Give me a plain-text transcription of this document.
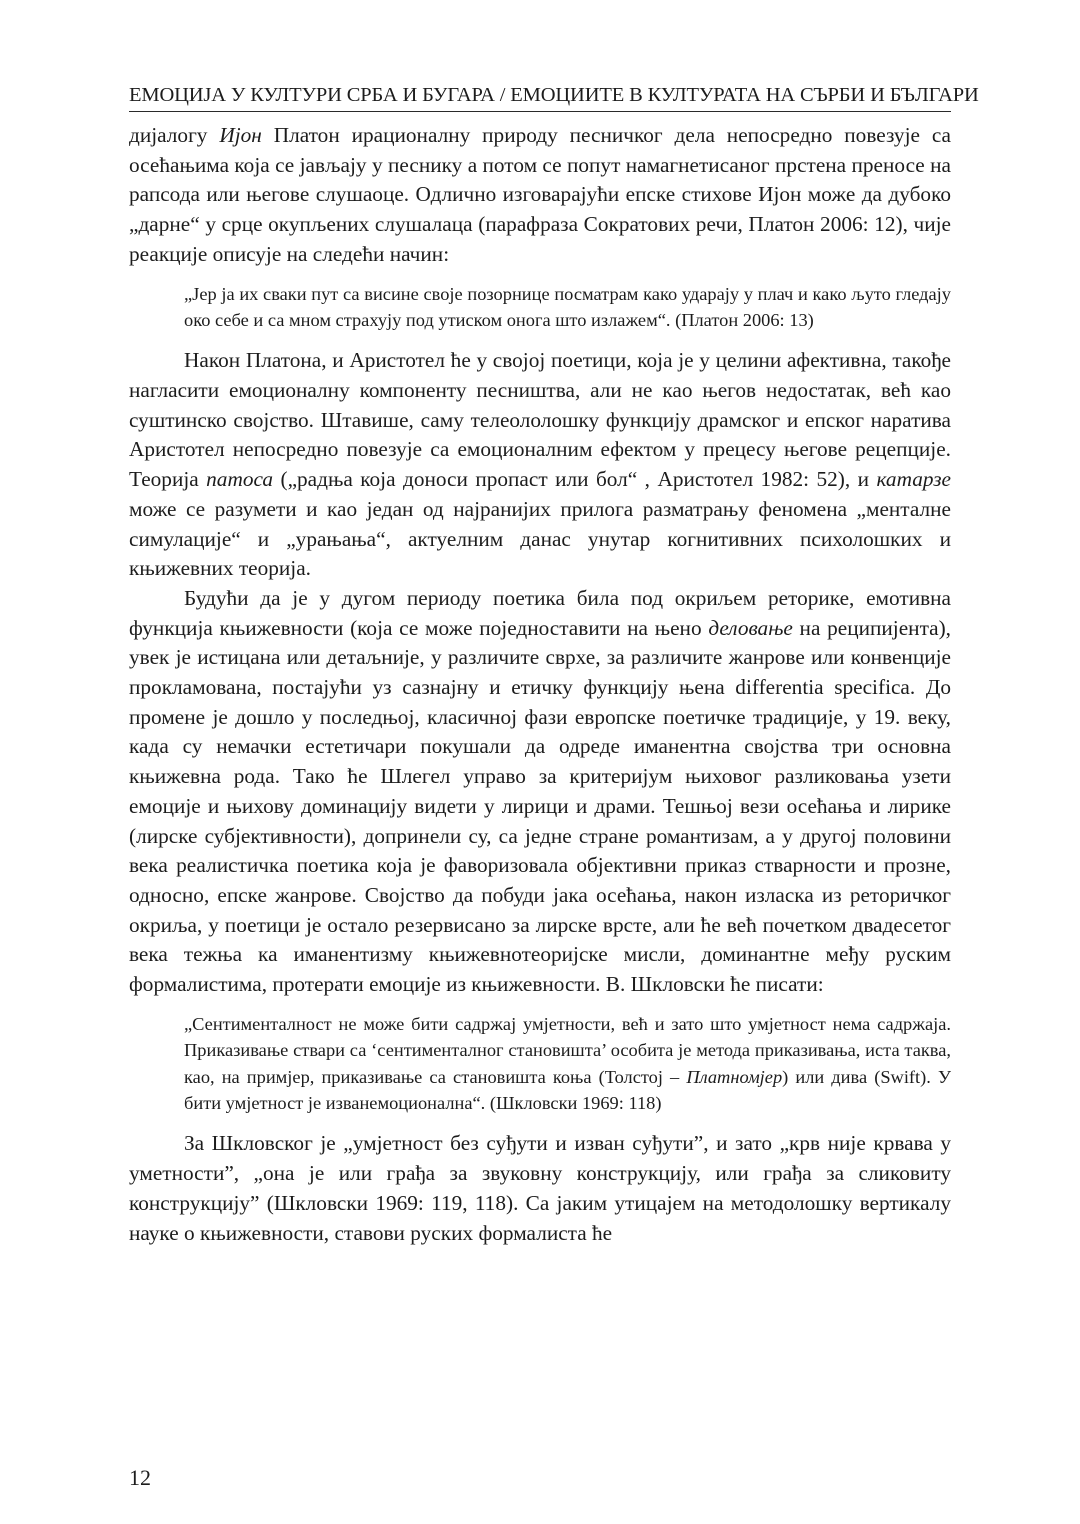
ЕМОЦИЈА У КУЛТУРИ СРБА И БУГАРА / ЕМОЦИИТЕ В КУЛТУРАТА НА СЪРБИ И БЪЛГАРИ

дијалогу Ијон Платон ирационалну природу песничког дела непосредно повезује са осећањима која се јављају у песнику а потом се попут намагнетисаног прстена преносе на рапсода или његове слушаоце. Одлично изговарајући епске стихове Ијон може да дубоко „дарне“ у срце окупљених слушалаца (парафраза Сократових речи, Платон 2006: 12), чије реакције описује на следећи начин:

„Јер ја их сваки пут са висине своје позорнице посматрам како ударају у плач и како љуто гледају око себе и са мном страхују под утиском онога што излажем“. (Платон 2006: 13)

Након Платона, и Аристотел ће у својој поетици, која је у целини афективна, такође нагласити емоционалну компоненту песништва, али не као његов недостатак, већ као суштинско својство. Штавише, саму телеололошку функцију драмског и епског наратива Аристотел непосредно повезује са емоционалним ефектом у прецесу његове рецепције. Теорија патоса („радња која доноси пропаст или бол“ , Аристотел 1982: 52), и катарзе може се разумети и као један од најранијих прилога разматрању феномена „менталне симулације“ и „урањања“, актуелним данас унутар когнитивних психолошких и књижевних теорија.

Будући да је у дугом периоду поетика била под окриљем реторике, емотивна функција књижевности (која се може поједноставити на њено деловање на реципијента), увек је истицана или детаљније, у различите сврхе, за различите жанрове или конвенције прокламована, постајући уз сазнајну и етичку функцију њена differentia specifica. До промене је дошло у последњој, класичној фази европске поетичке традиције, у 19. веку, када су немачки естетичари покушали да одреде иманентна својства три основна књижевна рода. Тако ће Шлегел управо за критеријум њиховог разликовања узети емоције и њихову доминацију видети у лирици и драми. Тешњој вези осећања и лирике (лирске субјективности), допринели су, са једне стране романтизам, а у другој половини века реалистичка поетика која је фаворизовала објективни приказ стварности и прозне, односно, епске жанрове. Својство да побуди јака осећања, након изласка из реторичког окриља, у поетици је остало резервисано за лирске врсте, али ће већ почетком двадесетог века тежња ка иманентизму књижевнотеоријске мисли, доминантне међу руским формалистима, протерати емоције из књижевности. В. Шкловски ће писати:

„Сентименталност не може бити садржај умјетности, већ и зато што умјетност нема садржаја. Приказивање ствари са ‘сентименталног становишта’ особита је метода приказивања, иста таква, као, на примјер, приказивање са становишта коња (Толстој – Платномјер) или дива (Swift). У бити умјетност је изванемоционална“. (Шкловски 1969: 118)

За Шкловског је „умјетност без суђути и изван суђути”, и зато „крв није крвава у уметности”, „она је или грађа за звуковну конструкцију, или грађа за сликовиту конструкцију” (Шкловски 1969: 119, 118). Са јаким утицајем на методолошку вертикалу науке о књижевности, ставови руских формалиста ће

12
